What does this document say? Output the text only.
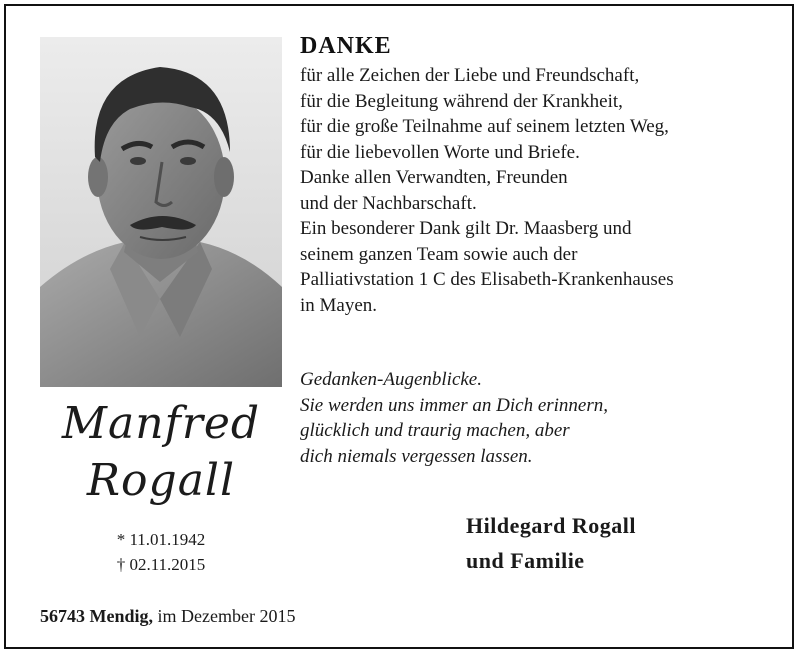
Manfred
Rogall
* 11.01.1942
† 02.11.2015
DANKE
für alle Zeichen der Liebe und Freundschaft,
für die Begleitung während der Krankheit,
für die große Teilnahme auf seinem letzten Weg,
für die liebevollen Worte und Briefe.
Danke allen Verwandten, Freunden
und der Nachbarschaft.
Ein besonderer Dank gilt Dr. Maasberg und
seinem ganzen Team sowie auch der
Palliativstation 1 C des Elisabeth-Krankenhauses
in Mayen.
Gedanken-Augenblicke.
Sie werden uns immer an Dich erinnern,
glücklich und traurig machen, aber
dich niemals vergessen lassen.
Hildegard Rogall
und Familie
56743 Mendig, im Dezember 2015
